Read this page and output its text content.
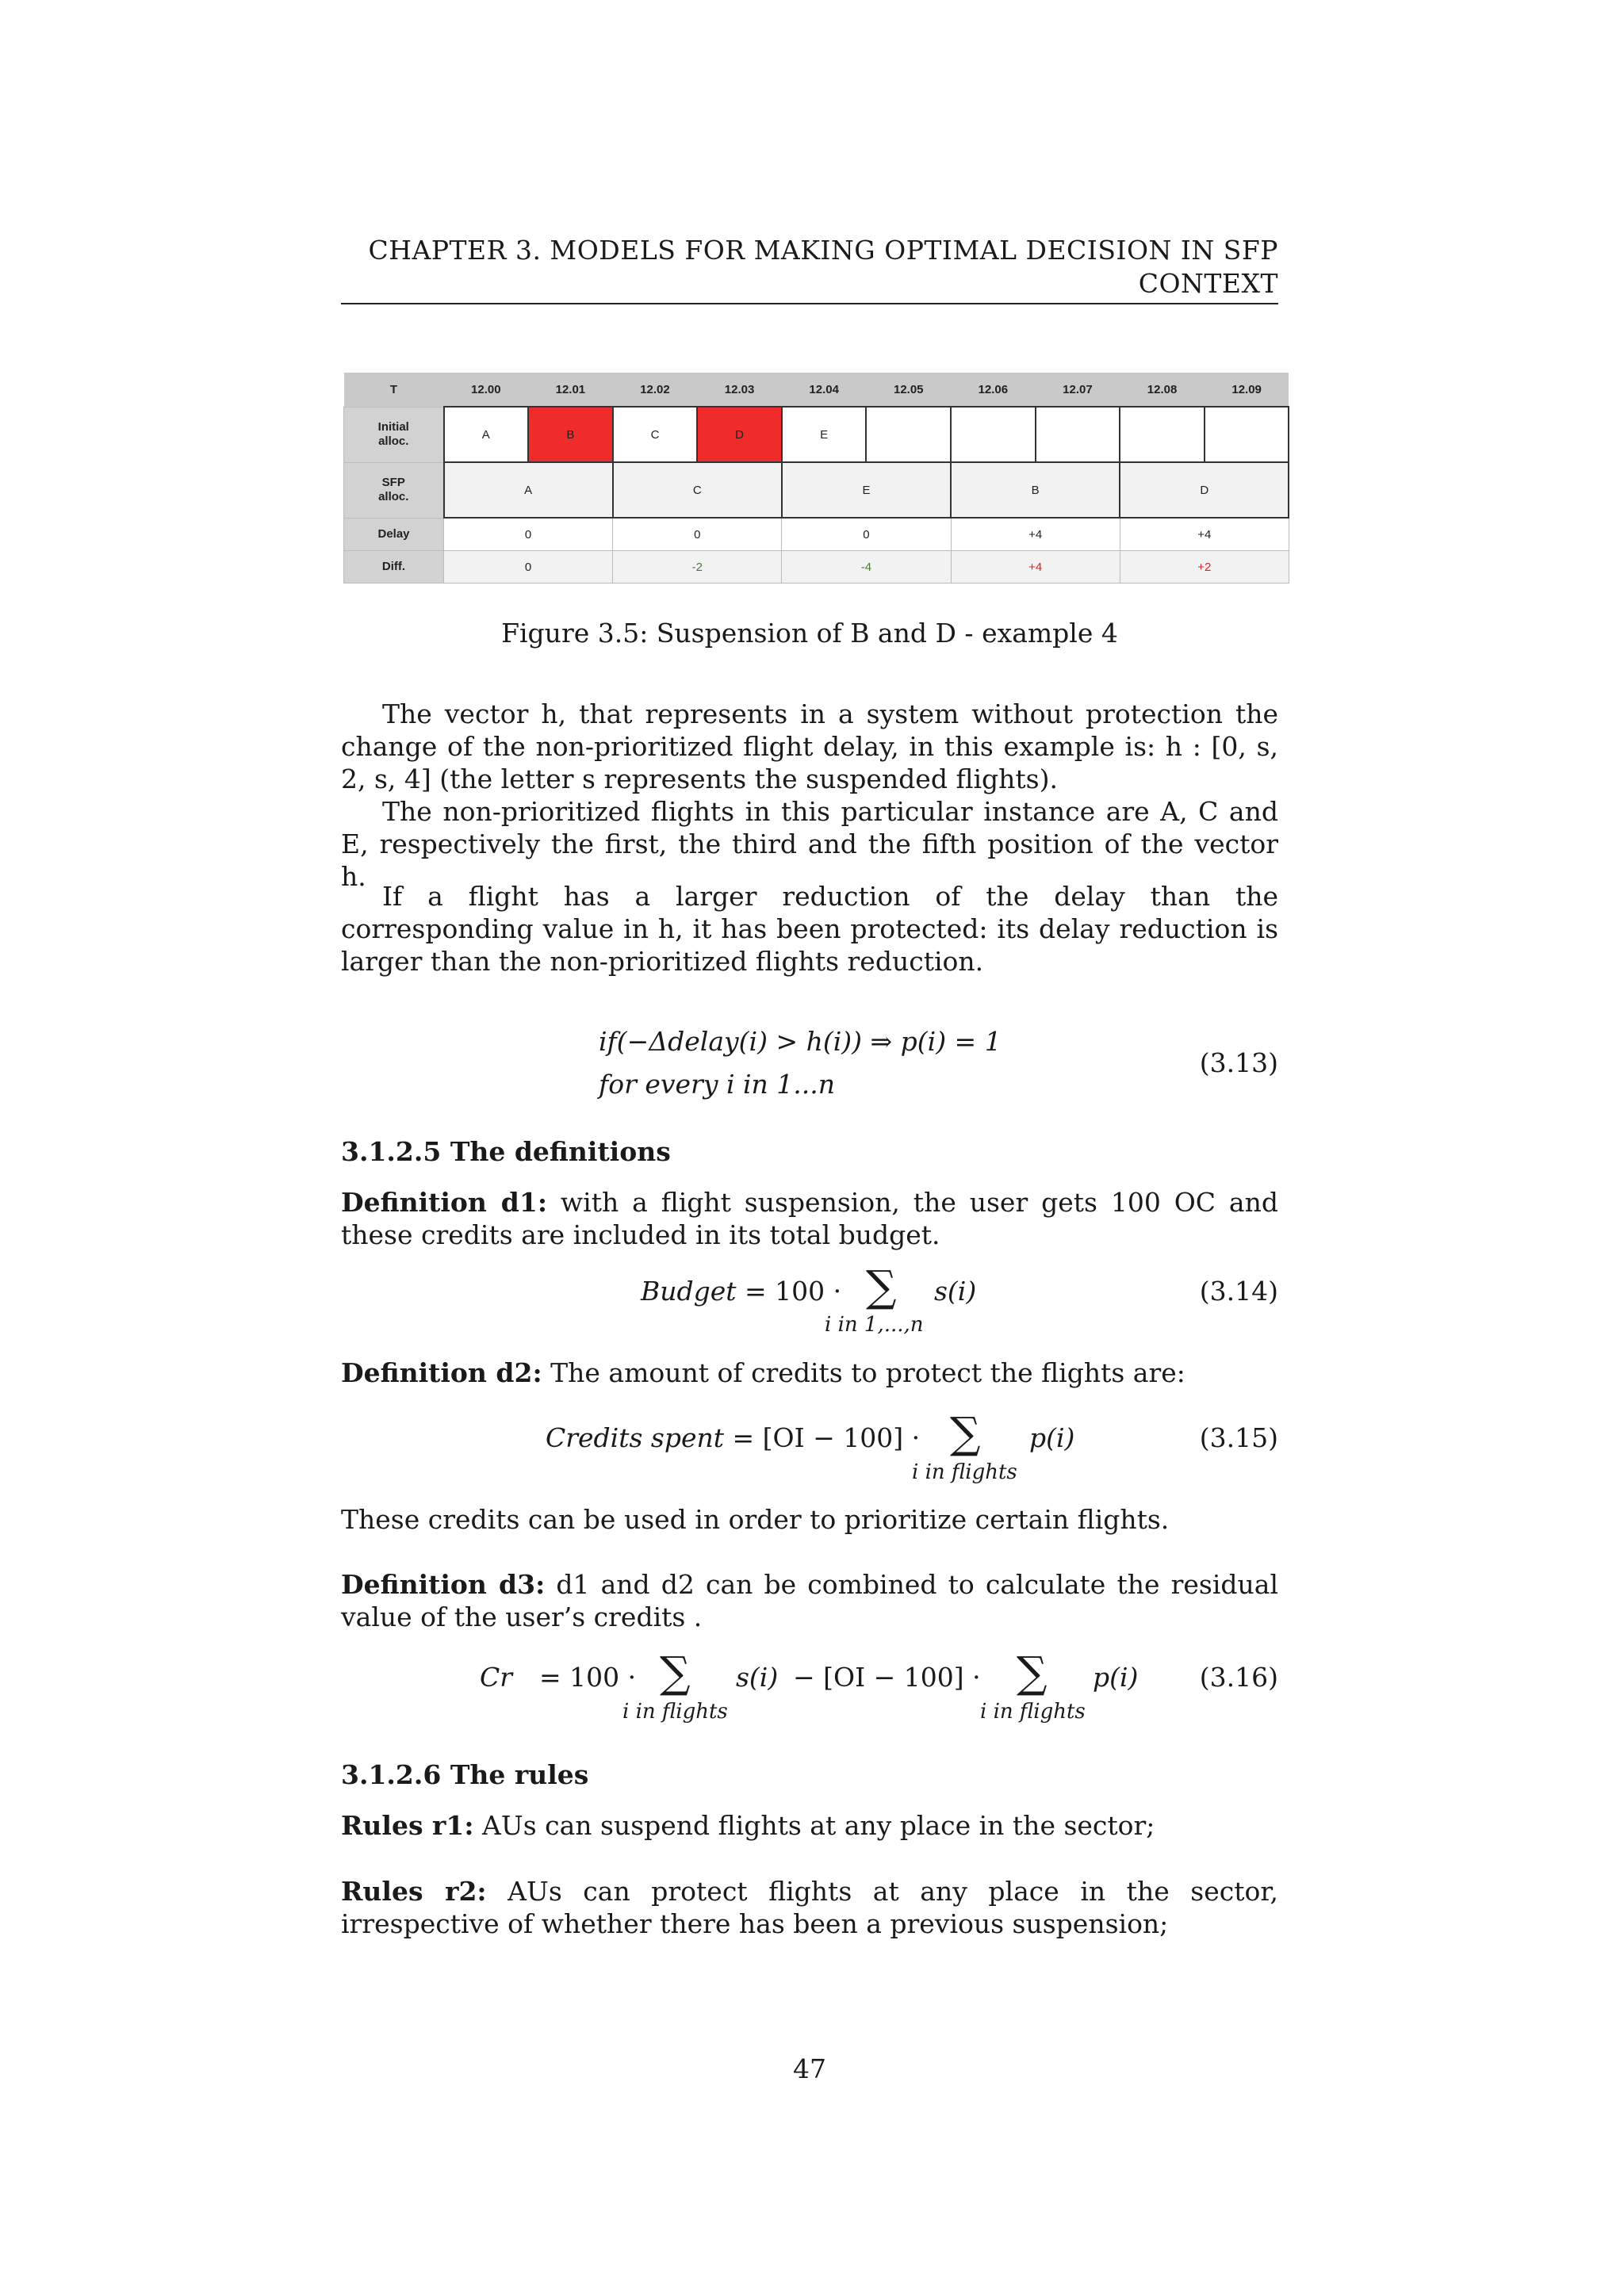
CHAPTER 3. MODELS FOR MAKING OPTIMAL DECISION IN SFP
CONTEXT
T	12.00	12.01	12.02	12.03	12.04	12.05	12.06	12.07	12.08	12.09
Initial
alloc.	A	B	C	D	E					
SFP
alloc.	A		C		E		B		D	
Delay	0		0		0		+4		+4	
Diff.	0		-2		-4		+4		+2	
Figure 3.5: Suspension of B and D - example 4

The vector h, that represents in a system without protection the change of the non-prioritized flight delay, in this example is: h : [0, s, 2, s, 4] (the letter s represents the suspended flights).

The non-prioritized flights in this particular instance are A, C and E, respectively the first, the third and the fifth position of the vector h.

If a flight has a larger reduction of the delay than the corresponding value in h, it has been protected: its delay reduction is larger than the non-prioritized flights reduction.

if(−Δdelay(i) > h(i)) ⇒ p(i) = 1
for every i in 1...n
(3.13)
3.1.2.5 The definitions

Definition d1: with a flight suspension, the user gets 100 OC and these credits are included in its total budget.

Budget = 100 · ∑ s(i)
i in 1,...,n
(3.14)

Definition d2: The amount of credits to protect the flights are:

Credits spent = [OI − 100] · ∑ p(i)
i in flights
(3.15)

These credits can be used in order to prioritize certain flights.

Definition d3: d1 and d2 can be combined to calculate the residual value of the user’s credits .

Cr = 100 · ∑ s(i) − [OI − 100] · ∑ p(i)
i in flights	i in flights
(3.16)
3.1.2.6 The rules

Rules r1: AUs can suspend flights at any place in the sector;

Rules r2: AUs can protect flights at any place in the sector, irrespective of whether there has been a previous suspension;

47
